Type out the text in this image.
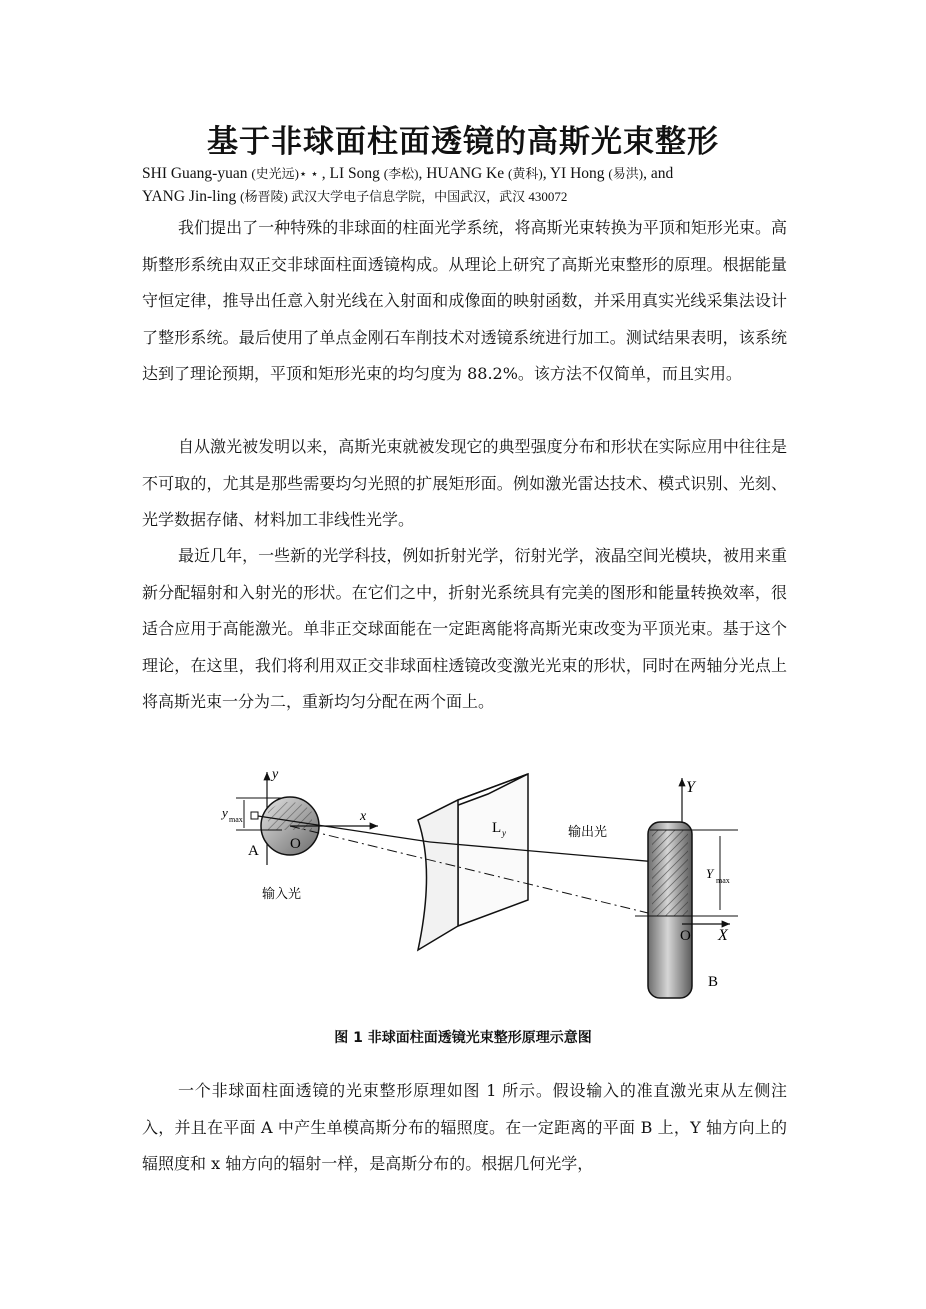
基于非球面柱面透镜的高斯光束整形
SHI Guang-yuan (史光远)⋆ ⋆ , LI Song (李松), HUANG Ke (黄科), YI Hong (易洪), and
YANG Jin-ling (杨晋陵) 武汉大学电子信息学院，中国武汉，武汉 430072

我们提出了一种特殊的非球面的柱面光学系统，将高斯光束转换为平顶和矩形光束。高斯整形系统由双正交非球面柱面透镜构成。从理论上研究了高斯光束整形的原理。根据能量守恒定律，推导出任意入射光线在入射面和成像面的映射函数，并采用真实光线采集法设计了整形系统。最后使用了单点金刚石车削技术对透镜系统进行加工。测试结果表明，该系统达到了理论预期，平顶和矩形光束的均匀度为 88.2%。该方法不仅简单，而且实用。

自从激光被发明以来，高斯光束就被发现它的典型强度分布和形状在实际应用中往往是不可取的，尤其是那些需要均匀光照的扩展矩形面。例如激光雷达技术、模式识别、光刻、光学数据存储、材料加工非线性光学。

最近几年，一些新的光学科技，例如折射光学，衍射光学，液晶空间光模块，被用来重新分配辐射和入射光的形状。在它们之中，折射光系统具有完美的图形和能量转换效率，很适合应用于高能激光。单非正交球面能在一定距离能将高斯光束改变为平顶光束。基于这个理论，在这里，我们将利用双正交非球面柱透镜改变激光光束的形状，同时在两轴分光点上将高斯光束一分为二，重新均匀分配在两个面上。

y
y max
A O
x
输入光
L y	输出光
Y
Y max
X
O
B
图 1 非球面柱面透镜光束整形原理示意图

一个非球面柱面透镜的光束整形原理如图 1 所示。假设输入的准直激光束从左侧注入，并且在平面 A 中产生单模高斯分布的辐照度。在一定距离的平面 B 上，Y 轴方向上的辐照度和 x 轴方向的辐射一样，是高斯分布的。根据几何光学，
